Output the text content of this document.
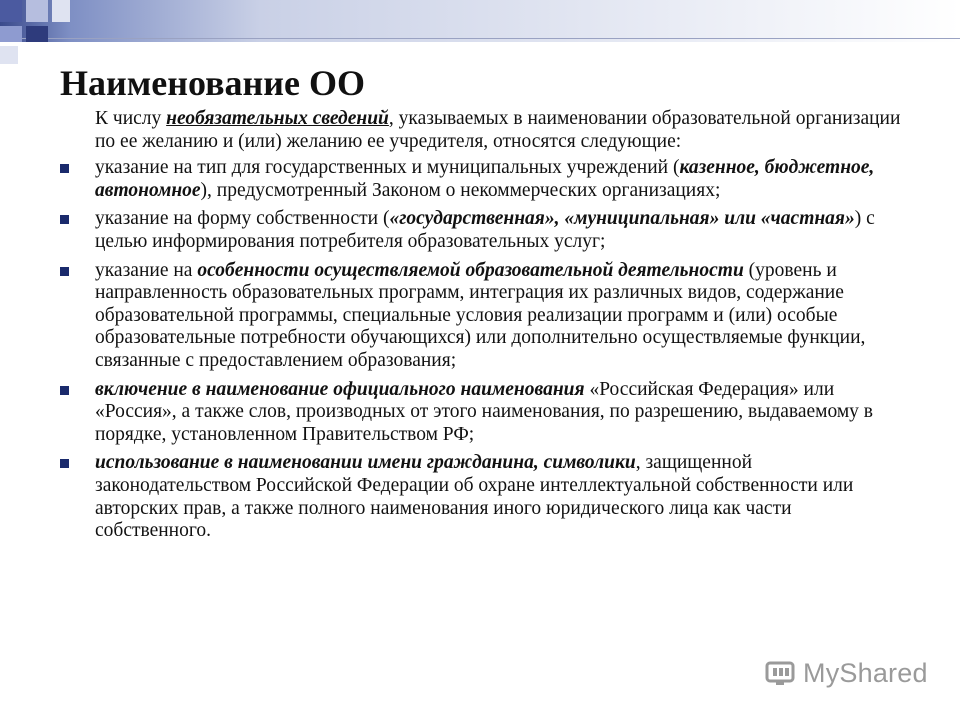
Наименование ОО

К числу необязательных сведений, указываемых в наименовании образовательной организации по ее желанию и (или) желанию ее учредителя, относятся следующие:

указание на тип для государственных и муниципальных учреждений (казенное, бюджетное, автономное), предусмотренный Законом о некоммерческих организациях;
указание на форму собственности («государственная», «муниципальная» или «частная») с целью информирования потребителя образовательных услуг;
указание на особенности осуществляемой образовательной деятельности (уровень и направленность образовательных программ, интеграция их различных видов, содержание образовательной программы, специальные условия реализации программ и (или) особые образовательные потребности обучающихся) или дополнительно осуществляемые функции, связанные с предоставлением образования;
включение в наименование официального наименования «Российская Федерация» или «Россия», а также слов, производных от этого наименования, по разрешению, выдаваемому в порядке, установленном Правительством РФ;
использование в наименовании имени гражданина, символики, защищенной законодательством Российской Федерации об охране интеллектуальной собственности или авторских прав, а также полного наименования иного юридического лица как части собственного.
MyShared
